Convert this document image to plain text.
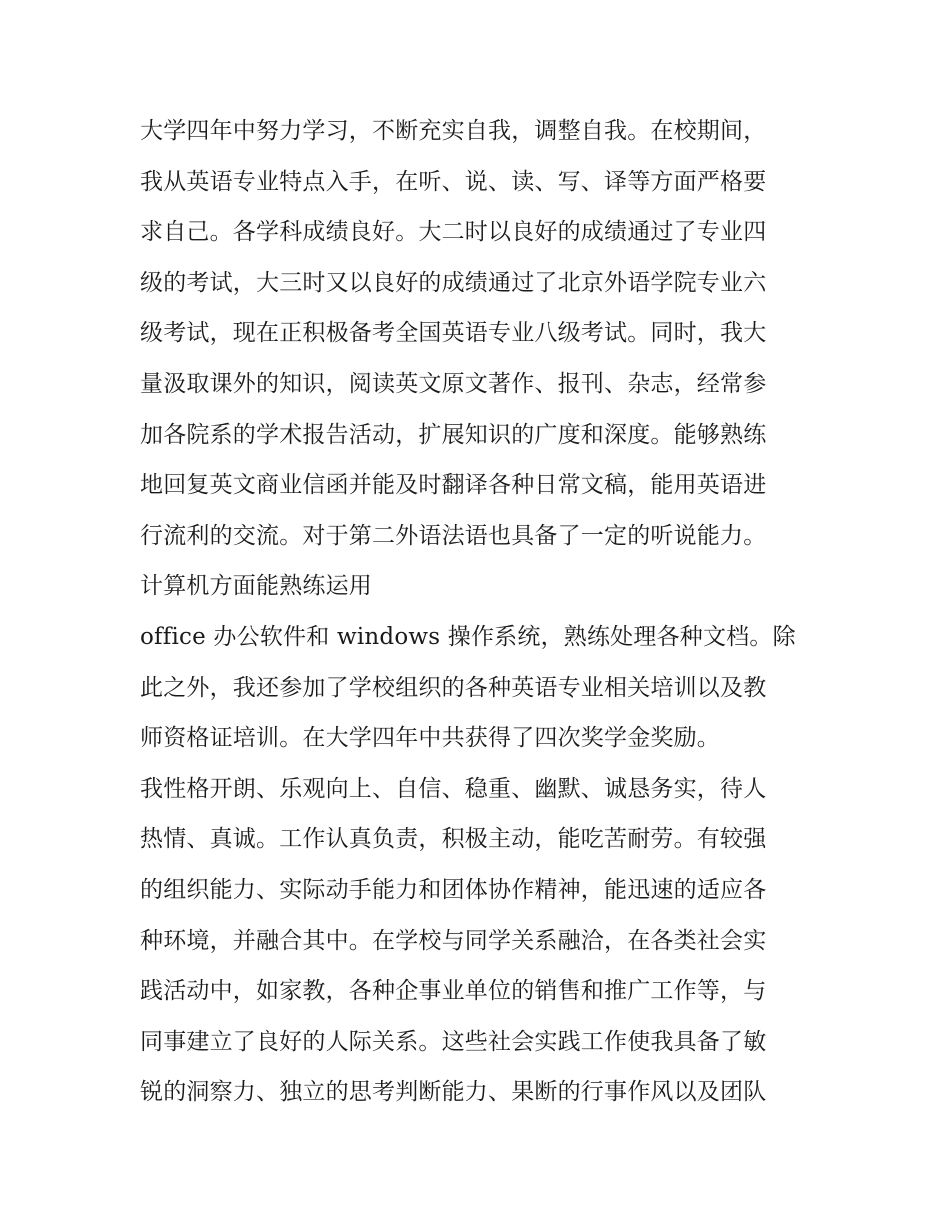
大学四年中努力学习，不断充实自我，调整自我。在校期间，
我从英语专业特点入手，在听、说、读、写、译等方面严格要
求自己。各学科成绩良好。大二时以良好的成绩通过了专业四
级的考试，大三时又以良好的成绩通过了北京外语学院专业六
级考试，现在正积极备考全国英语专业八级考试。同时，我大
量汲取课外的知识，阅读英文原文著作、报刊、杂志，经常参
加各院系的学术报告活动，扩展知识的广度和深度。能够熟练
地回复英文商业信函并能及时翻译各种日常文稿，能用英语进
行流利的交流。对于第二外语法语也具备了一定的听说能力。
计算机方面能熟练运用
office 办公软件和 windows 操作系统，熟练处理各种文档。除
此之外，我还参加了学校组织的各种英语专业相关培训以及教
师资格证培训。在大学四年中共获得了四次奖学金奖励。
我性格开朗、乐观向上、自信、稳重、幽默、诚恳务实，待人
热情、真诚。工作认真负责，积极主动，能吃苦耐劳。有较强
的组织能力、实际动手能力和团体协作精神，能迅速的适应各
种环境，并融合其中。在学校与同学关系融洽，在各类社会实
践活动中，如家教，各种企事业单位的销售和推广工作等，与
同事建立了良好的人际关系。这些社会实践工作使我具备了敏
锐的洞察力、独立的思考判断能力、果断的行事作风以及团队
